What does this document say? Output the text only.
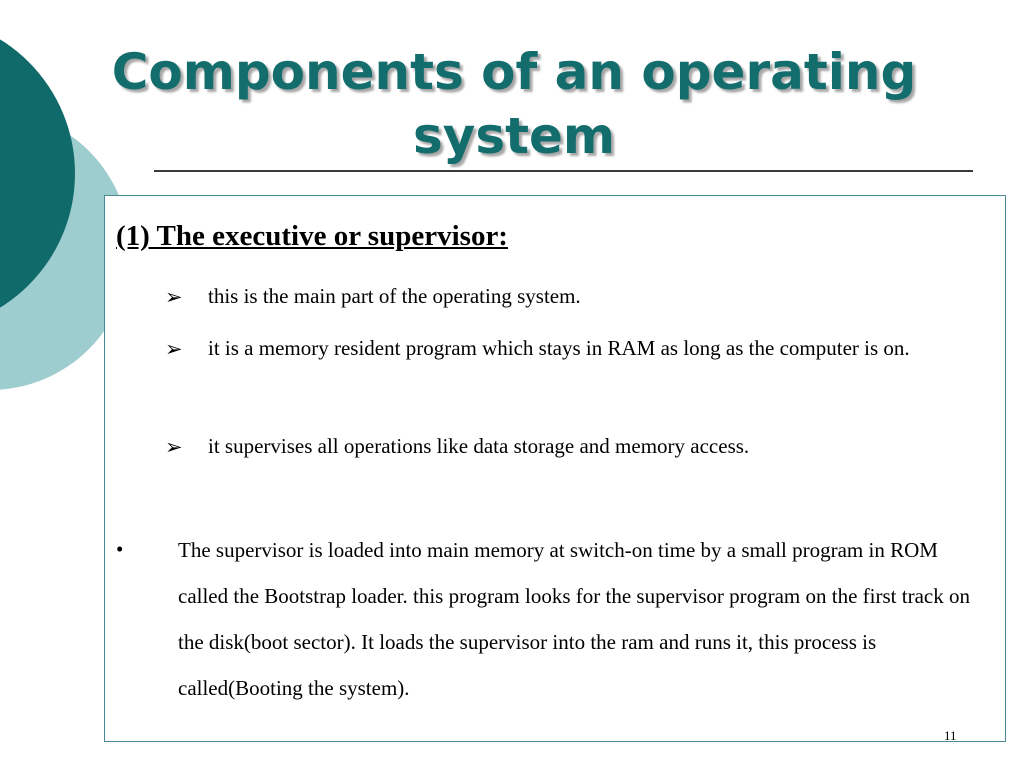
Components of an operating system
(1) The executive or supervisor:
➢ this is the main part of the operating system.

➢ it is a memory resident program which stays in RAM as long as the computer is on.

➢ it supervises all operations like data storage and memory access.

•	The supervisor is loaded into main memory at switch-on time by a small program in ROM called the Bootstrap loader. this program looks for the supervisor program on the first track on the disk(boot sector). It loads the supervisor into the ram and runs it, this process is called(Booting the system).

11
